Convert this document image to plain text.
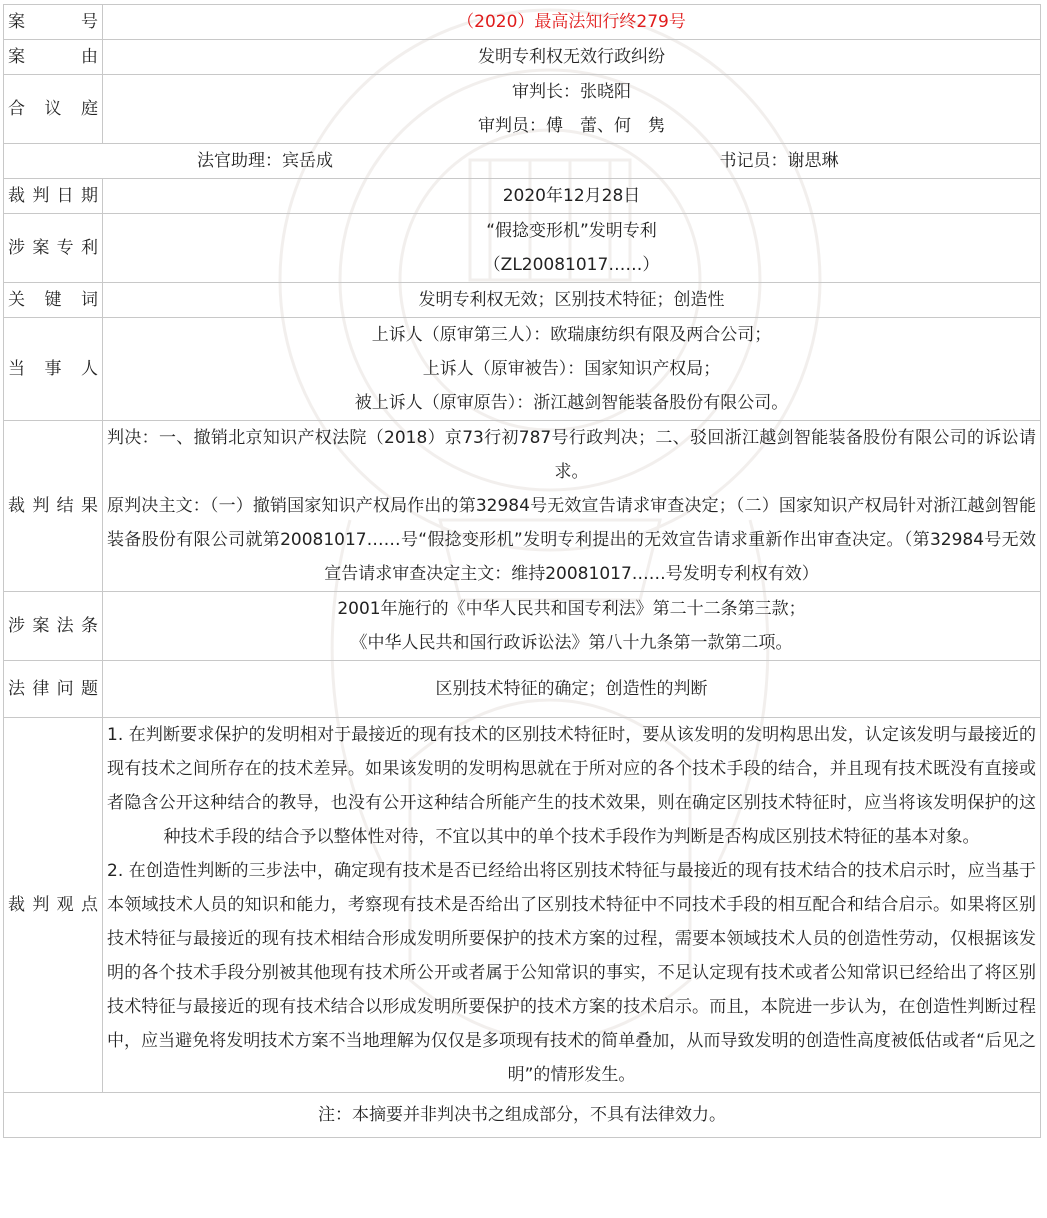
案号	（2020）最高法知行终279号
案由	发明专利权无效行政纠纷
合议庭	审判长：张晓阳
审判员：傅　蕾、何　隽

法官助理：宾岳成 书记员：谢思琳	

裁判日期	2020年12月28日
涉案专利	“假捻变形机”发明专利
（ZL20081017……）

关键词	发明专利权无效；区别技术特征；创造性
当事人	上诉人（原审第三人）：欧瑞康纺织有限及两合公司；
上诉人（原审被告）：国家知识产权局；
被上诉人（原审原告）：浙江越剑智能装备股份有限公司。

裁判结果	判决：一、撤销北京知识产权法院（2018）京73行初787号行政判决；二、驳回浙江越剑智能装备股份有限公司的诉讼请求。
原判决主文：（一）撤销国家知识产权局作出的第32984号无效宣告请求审查决定；（二）国家知识产权局针对浙江越剑智能装备股份有限公司就第20081017……号“假捻变形机”发明专利提出的无效宣告请求重新作出审查决定。（第32984号无效宣告请求审查决定主文：维持20081017……号发明专利权有效）

涉案法条	2001年施行的《中华人民共和国专利法》第二十二条第三款；
《中华人民共和国行政诉讼法》第八十九条第一款第二项。

法律问题	区别技术特征的确定；创造性的判断
裁判观点	1. 在判断要求保护的发明相对于最接近的现有技术的区别技术特征时，要从该发明的发明构思出发，认定该发明与最接近的现有技术之间所存在的技术差异。如果该发明的发明构思就在于所对应的各个技术手段的结合，并且现有技术既没有直接或者隐含公开这种结合的教导，也没有公开这种结合所能产生的技术效果，则在确定区别技术特征时，应当将该发明保护的这种技术手段的结合予以整体性对待，不宜以其中的单个技术手段作为判断是否构成区别技术特征的基本对象。
2. 在创造性判断的三步法中，确定现有技术是否已经给出将区别技术特征与最接近的现有技术结合的技术启示时，应当基于本领域技术人员的知识和能力，考察现有技术是否给出了区别技术特征中不同技术手段的相互配合和结合启示。如果将区别技术特征与最接近的现有技术相结合形成发明所要保护的技术方案的过程，需要本领域技术人员的创造性劳动，仅根据该发明的各个技术手段分别被其他现有技术所公开或者属于公知常识的事实，不足认定现有技术或者公知常识已经给出了将区别技术特征与最接近的现有技术结合以形成发明所要保护的技术方案的技术启示。而且，本院进一步认为，在创造性判断过程中，应当避免将发明技术方案不当地理解为仅仅是多项现有技术的简单叠加，从而导致发明的创造性高度被低估或者“后见之明”的情形发生。

注：本摘要并非判决书之组成部分，不具有法律效力。	
